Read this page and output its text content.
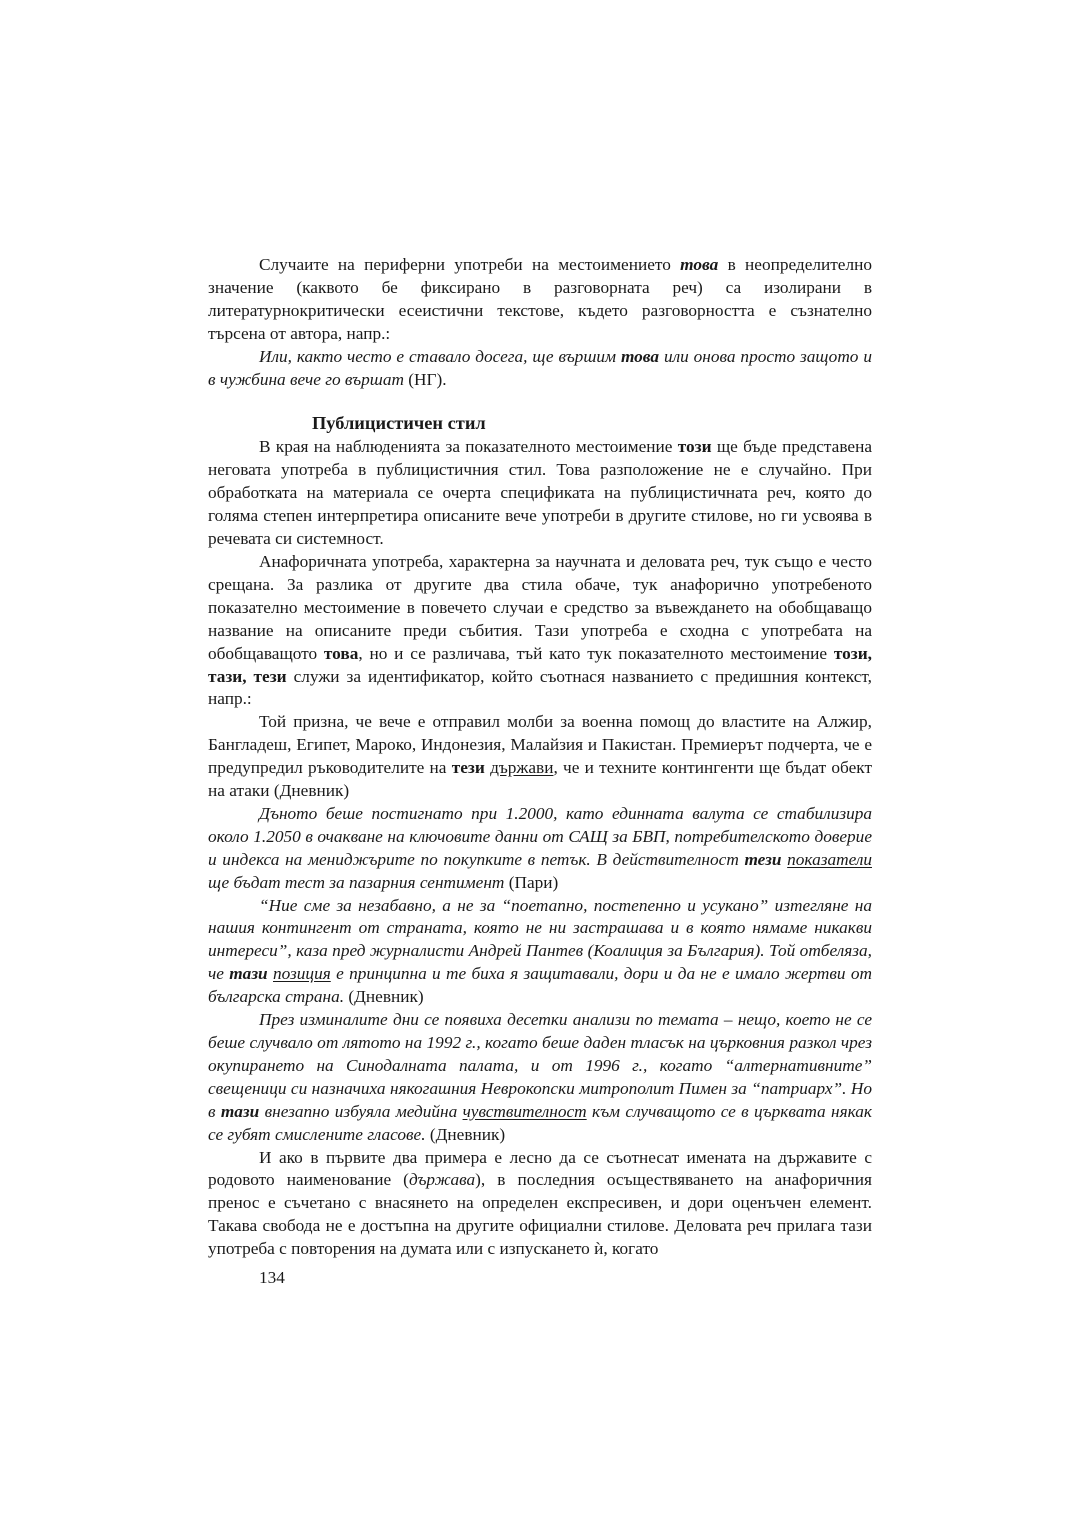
Случаите на периферни употреби на местоимението това в неопределително значение (каквото бе фиксирано в разговорната реч) са изолирани в литературнокритически есеистични текстове, където разговорността е съзнателно търсена от автора, напр.:

Или, както често е ставало досега, ще вършим това или онова просто защото и в чужбина вече го вършат (НГ).

Публицистичен стил

В края на наблюденията за показателното местоимение този ще бъде представена неговата употреба в публицистичния стил. Това разположение не е случайно. При обработката на материала се очерта спецификата на публицистичната реч, която до голяма степен интерпретира описаните вече употреби в другите стилове, но ги усвоява в речевата си системност.

Анафоричната употреба, характерна за научната и деловата реч, тук също е често срещана. За разлика от другите два стила обаче, тук анафорично употребеното показателно местоимение в повечето случаи е средство за въвеждането на обобщаващо название на описаните преди събития. Тази употреба е сходна с употребата на обобщаващото това, но и се различава, тъй като тук показателното местоимение този, тази, тези служи за идентификатор, който съотнася названието с предишния контекст, напр.:

Той призна, че вече е отправил молби за военна помощ до властите на Алжир, Бангладеш, Египет, Мароко, Индонезия, Малайзия и Пакистан. Премиерът подчерта, че е предупредил ръководителите на тези държави, че и техните контингенти ще бъдат обект на атаки (Дневник)

Дъното беше постигнато при 1.2000, като единната валута се стабилизира около 1.2050 в очакване на ключовите данни от САЩ за БВП, потребителското доверие и индекса на мениджърите по покупките в петък. В действителност тези показатели ще бъдат тест за пазарния сентимент (Пари)

“Ние сме за незабавно, а не за “поетапно, постепенно и усукано” изтегляне на нашия контингент от страната, която не ни застрашава и в която нямаме никакви интереси”, каза пред журналисти Андрей Пантев (Коалиция за България). Той отбеляза, че тази позиция е принципна и те биха я защитавали, дори и да не е имало жертви от българска страна. (Дневник)

През изминалите дни се появиха десетки анализи по темата – нещо, което не се беше случвало от лятото на 1992 г., когато беше даден тласък на църковния разкол чрез окупирането на Синодалната палата, и от 1996 г., когато “алтернативните” свещеници си назначиха някогашния Неврокопски митрополит Пимен за “патриарх”. Но в тази внезапно избуяла медийна чувствителност към случващото се в църквата някак се губят смислените гласове. (Дневник)

И ако в първите два примера е лесно да се съотнесат имената на държавите с родовото наименование (държава), в последния осъществяването на анафоричния пренос е съчетано с внасянето на определен експресивен, и дори оценъчен елемент. Такава свобода не е достъпна на другите официални стилове. Деловата реч прилага тази употреба с повторения на думата или с изпускането ѝ, когато

134
